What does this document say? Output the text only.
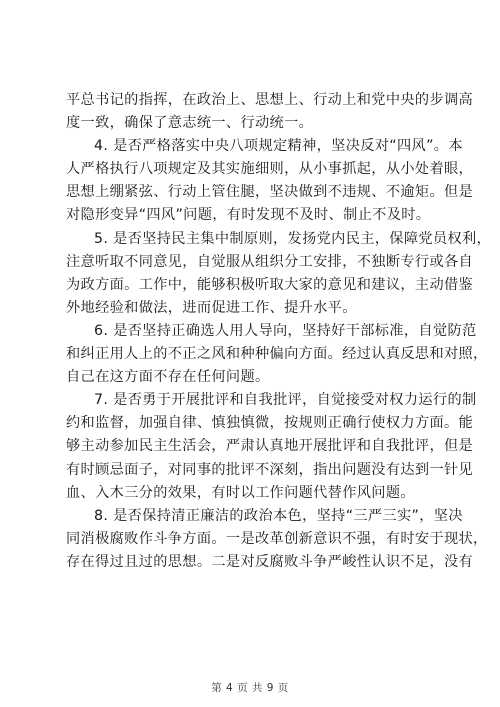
平总书记的指挥，在政治上、思想上、行动上和党中央的步调高
度一致，确保了意志统一、行动统一。
4. 是否严格落实中央八项规定精神，坚决反对“四风”。本
人严格执行八项规定及其实施细则，从小事抓起，从小处着眼，
思想上绷紧弦、行动上管住腿，坚决做到不违规、不逾矩。但是
对隐形变异“四风”问题，有时发现不及时、制止不及时。
5. 是否坚持民主集中制原则，发扬党内民主，保障党员权利，
注意听取不同意见，自觉服从组织分工安排，不独断专行或各自
为政方面。工作中，能够积极听取大家的意见和建议，主动借鉴
外地经验和做法，进而促进工作、提升水平。
6. 是否坚持正确选人用人导向，坚持好干部标准，自觉防范
和纠正用人上的不正之风和种种偏向方面。经过认真反思和对照，
自己在这方面不存在任何问题。
7. 是否勇于开展批评和自我批评，自觉接受对权力运行的制
约和监督，加强自律、慎独慎微，按规则正确行使权力方面。能
够主动参加民主生活会，严肃认真地开展批评和自我批评，但是
有时顾忌面子，对同事的批评不深刻，指出问题没有达到一针见
血、入木三分的效果，有时以工作问题代替作风问题。
8. 是否保持清正廉洁的政治本色，坚持“三严三实”，坚决
同消极腐败作斗争方面。一是改革创新意识不强，有时安于现状，
存在得过且过的思想。二是对反腐败斗争严峻性认识不足，没有
第 4 页 共 9 页
